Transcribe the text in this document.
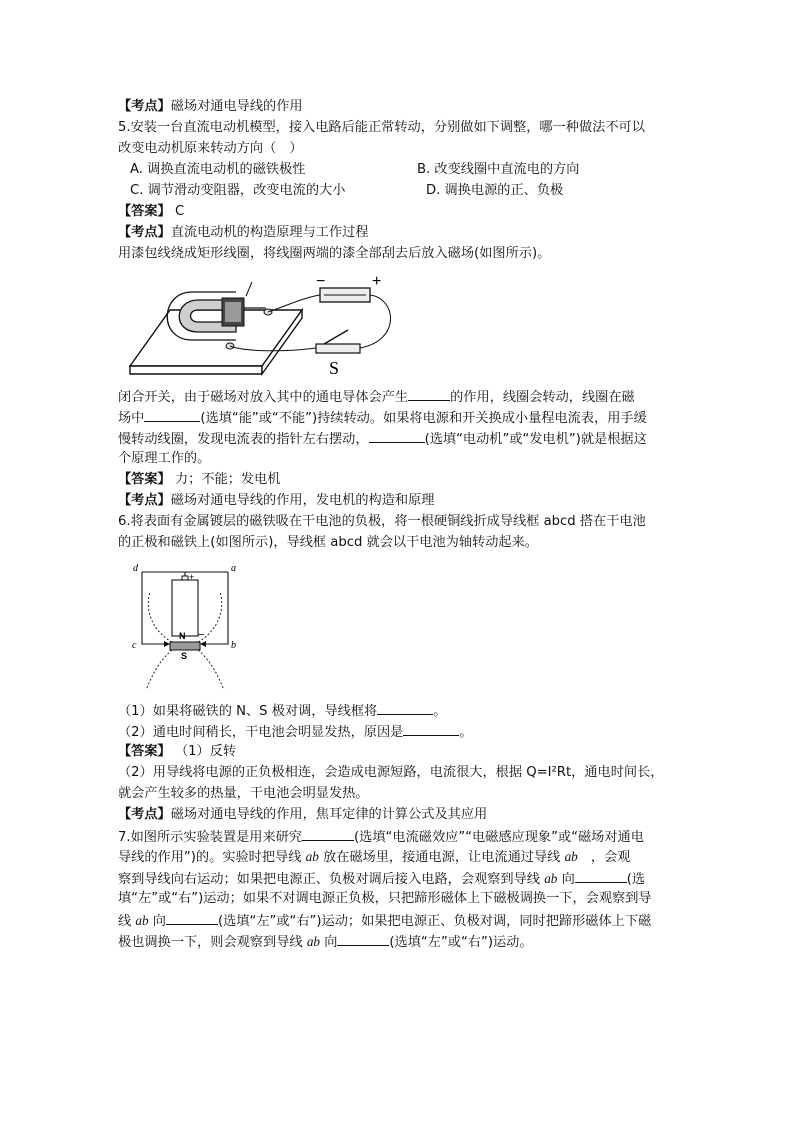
【考点】磁场对通电导线的作用
5.安装一台直流电动机模型，接入电路后能正常转动，分别做如下调整，哪一种做法不可以
改变电动机原来转动方向（　）
A. 调换直流电动机的磁铁极性	B. 改变线圈中直流电的方向
C. 调节滑动变阻器，改变电流的大小	D. 调换电源的正、负极
【答案】 C
【考点】直流电动机的构造原理与工作过程
用漆包线绕成矩形线圈，将线圈两端的漆全部刮去后放入磁场(如图所示)。
−	+
S
闭合开关，由于磁场对放入其中的通电导体会产生	的作用，线圈会转动，线圈在磁
场中	(选填“能”或“不能”)持续转动。如果将电源和开关换成小量程电流表，用手缓
慢转动线圈，发现电流表的指针左右摆动，	(选填“电动机”或“发电机”)就是根据这
个原理工作的。
【答案】 力；不能；发电机
【考点】磁场对通电导线的作用，发电机的构造和原理
6.将表面有金属镀层的磁铁吸在干电池的负极，将一根硬铜线折成导线框 abcd 搭在干电池
的正极和磁铁上(如图所示)，导线框 abcd 就会以干电池为轴转动起来。
d	a
c	b
+
−
N
S
（1）如果将磁铁的 N、S 极对调，导线框将	。
（2）通电时间稍长，干电池会明显发热，原因是	。
【答案】 （1）反转
（2）用导线将电源的正负极相连，会造成电源短路，电流很大，根据 Q=I²Rt，通电时间长，
就会产生较多的热量，干电池会明显发热。
【考点】磁场对通电导线的作用，焦耳定律的计算公式及其应用
7.如图所示实验装置是用来研究	(选填“电流磁效应”“电磁感应现象”或“磁场对通电
导线的作用”)的。实验时把导线 ab 放在磁场里，接通电源，让电流通过导线 ab　，会观
察到导线向右运动；如果把电源正、负极对调后接入电路，会观察到导线 ab 向	(选
填“左”或“右”)运动；如果不对调电源正负极，只把蹄形磁体上下磁极调换一下，会观察到导
线 ab 向	(选填“左”或“右”)运动；如果把电源正、负极对调，同时把蹄形磁体上下磁
极也调换一下，则会观察到导线 ab 向	(选填“左”或“右”)运动。
